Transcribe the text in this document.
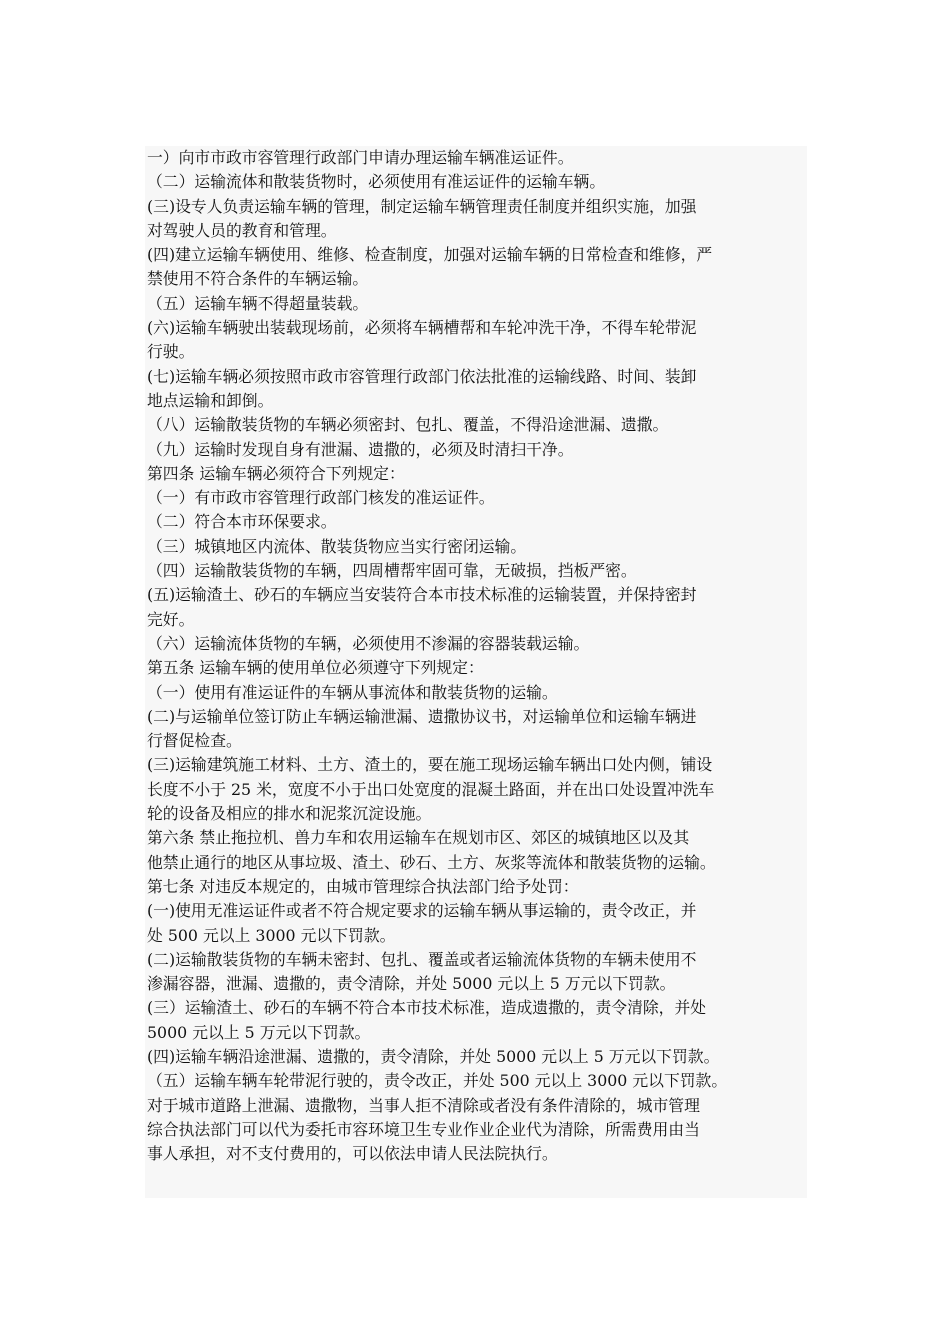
一）向市市政市容管理行政部门申请办理运输车辆准运证件。
（二）运输流体和散装货物时，必须使用有准运证件的运输车辆。
(三)设专人负责运输车辆的管理，制定运输车辆管理责任制度并组织实施，加强
对驾驶人员的教育和管理。
(四)建立运输车辆使用、维修、检查制度，加强对运输车辆的日常检查和维修，严
禁使用不符合条件的车辆运输。
（五）运输车辆不得超量装载。
(六)运输车辆驶出装载现场前，必须将车辆槽帮和车轮冲洗干净，不得车轮带泥
行驶。
(七)运输车辆必须按照市政市容管理行政部门依法批准的运输线路、时间、装卸
地点运输和卸倒。
（八）运输散装货物的车辆必须密封、包扎、覆盖，不得沿途泄漏、遗撒。
（九）运输时发现自身有泄漏、遗撒的，必须及时清扫干净。
第四条 运输车辆必须符合下列规定：
（一）有市政市容管理行政部门核发的准运证件。
（二）符合本市环保要求。
（三）城镇地区内流体、散装货物应当实行密闭运输。
（四）运输散装货物的车辆，四周槽帮牢固可靠，无破损，挡板严密。
(五)运输渣土、砂石的车辆应当安装符合本市技术标准的运输装置，并保持密封
完好。
（六）运输流体货物的车辆，必须使用不渗漏的容器装载运输。
第五条 运输车辆的使用单位必须遵守下列规定：
（一）使用有准运证件的车辆从事流体和散装货物的运输。
(二)与运输单位签订防止车辆运输泄漏、遗撒协议书，对运输单位和运输车辆进
行督促检查。
(三)运输建筑施工材料、土方、渣土的，要在施工现场运输车辆出口处内侧，铺设
长度不小于 25 米，宽度不小于出口处宽度的混凝土路面，并在出口处设置冲洗车
轮的设备及相应的排水和泥浆沉淀设施。
第六条 禁止拖拉机、兽力车和农用运输车在规划市区、郊区的城镇地区以及其
他禁止通行的地区从事垃圾、渣土、砂石、土方、灰浆等流体和散装货物的运输。
第七条 对违反本规定的，由城市管理综合执法部门给予处罚：
(一)使用无准运证件或者不符合规定要求的运输车辆从事运输的，责令改正，并
处 500 元以上 3000 元以下罚款。
(二)运输散装货物的车辆未密封、包扎、覆盖或者运输流体货物的车辆未使用不
渗漏容器，泄漏、遗撒的，责令清除，并处 5000 元以上 5 万元以下罚款。
(三）运输渣土、砂石的车辆不符合本市技术标准，造成遗撒的，责令清除，并处
5000 元以上 5 万元以下罚款。
(四)运输车辆沿途泄漏、遗撒的，责令清除，并处 5000 元以上 5 万元以下罚款。
（五）运输车辆车轮带泥行驶的，责令改正，并处 500 元以上 3000 元以下罚款。
对于城市道路上泄漏、遗撒物，当事人拒不清除或者没有条件清除的，城市管理
综合执法部门可以代为委托市容环境卫生专业作业企业代为清除，所需费用由当
事人承担，对不支付费用的，可以依法申请人民法院执行。
